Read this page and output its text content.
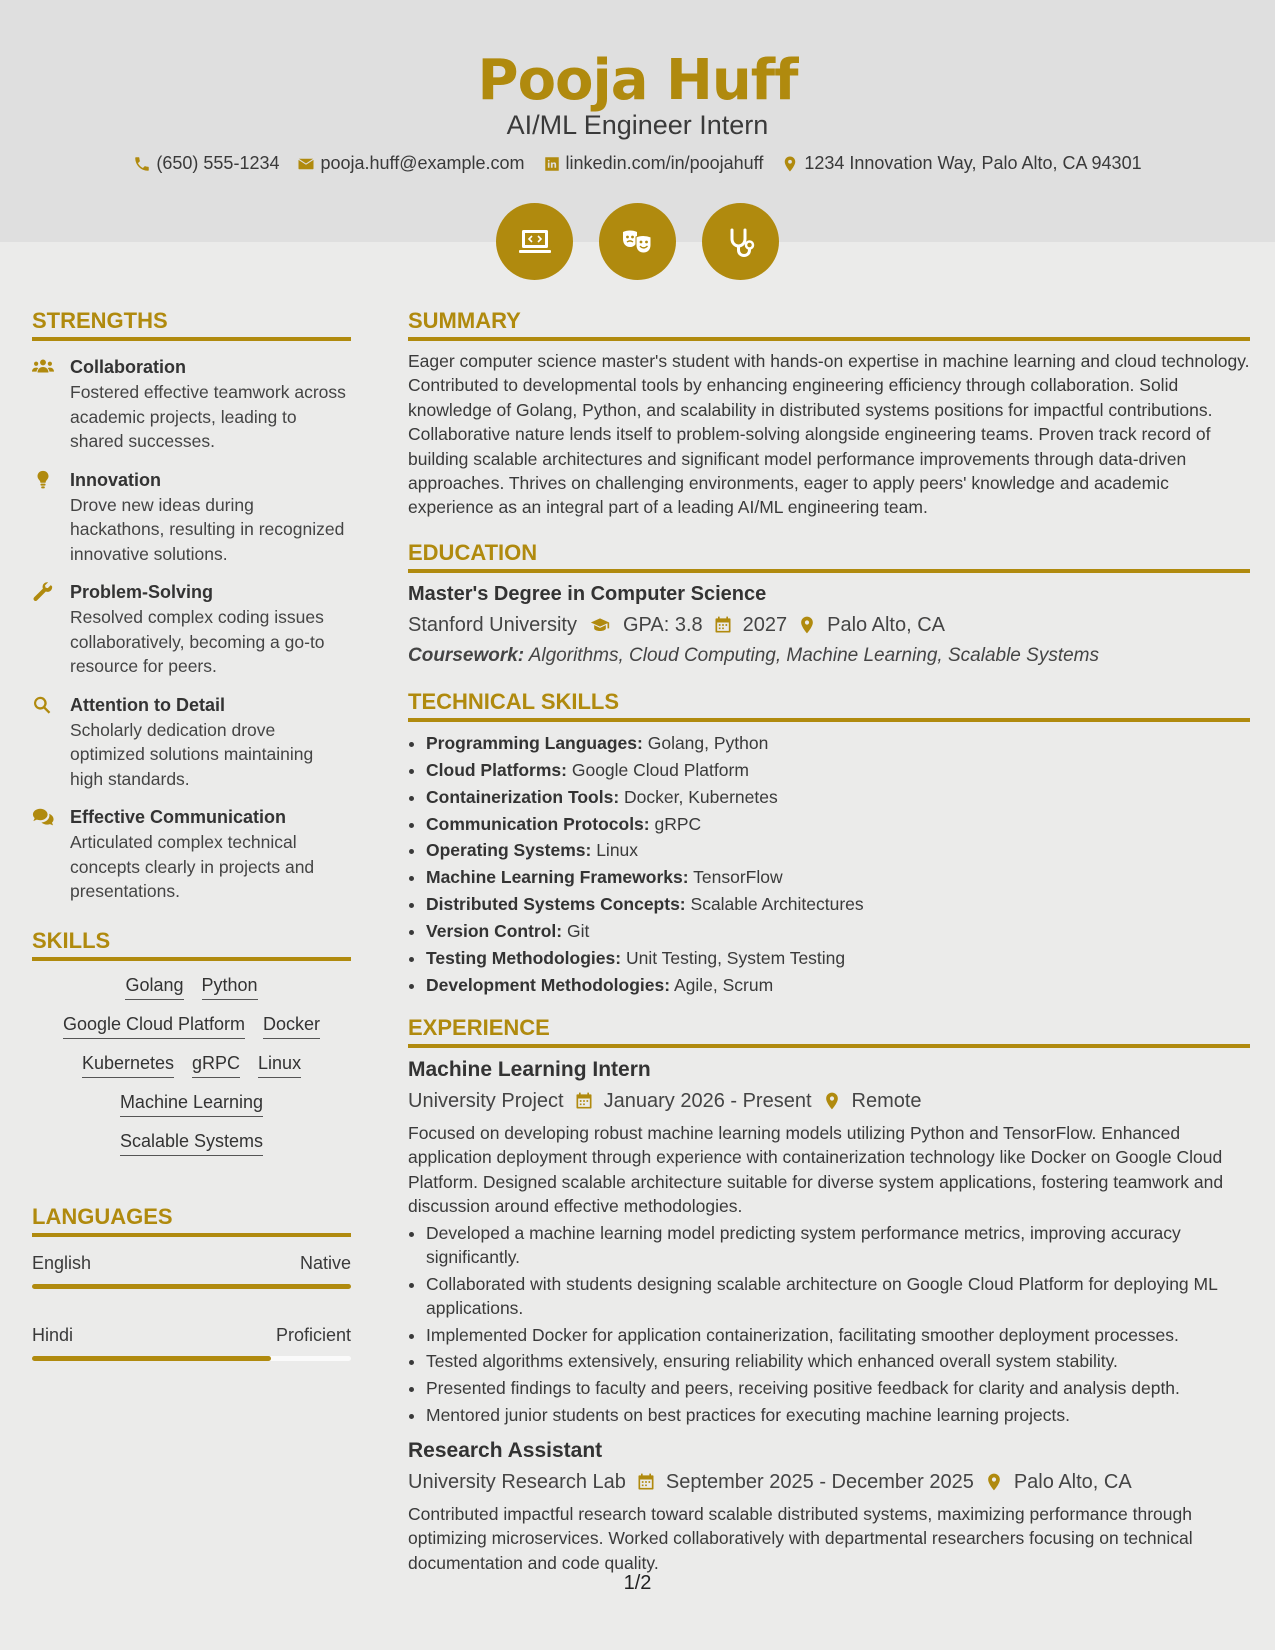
Pooja Huff
AI/ML Engineer Intern
(650) 555-1234 pooja.huff@example.com linkedin.com/in/poojahuff 1234 Innovation Way, Palo Alto, CA 94301
STRENGTHS
Collaboration
Fostered effective teamwork across academic projects, leading to shared successes.
Innovation
Drove new ideas during hackathons, resulting in recognized innovative solutions.
Problem-Solving
Resolved complex coding issues collaboratively, becoming a go-to resource for peers.
Attention to Detail
Scholarly dedication drove optimized solutions maintaining high standards.
Effective Communication
Articulated complex technical concepts clearly in projects and presentations.
SKILLS
Golang Python
Google Cloud Platform Docker
Kubernetes gRPC Linux
Machine Learning
Scalable Systems
LANGUAGES
English	Native
Hindi	Proficient
SUMMARY
Eager computer science master's student with hands-on expertise in machine learning and cloud technology. Contributed to developmental tools by enhancing engineering efficiency through collaboration. Solid knowledge of Golang, Python, and scalability in distributed systems positions for impactful contributions. Collaborative nature lends itself to problem-solving alongside engineering teams. Proven track record of building scalable architectures and significant model performance improvements through data-driven approaches. Thrives on challenging environments, eager to apply peers' knowledge and academic experience as an integral part of a leading AI/ML engineering team.
EDUCATION
Master's Degree in Computer Science
Stanford University GPA: 3.8 2027 Palo Alto, CA
Coursework: Algorithms, Cloud Computing, Machine Learning, Scalable Systems
TECHNICAL SKILLS
• Programming Languages: Golang, Python
• Cloud Platforms: Google Cloud Platform
• Containerization Tools: Docker, Kubernetes
• Communication Protocols: gRPC
• Operating Systems: Linux
• Machine Learning Frameworks: TensorFlow
• Distributed Systems Concepts: Scalable Architectures
• Version Control: Git
• Testing Methodologies: Unit Testing, System Testing
• Development Methodologies: Agile, Scrum
EXPERIENCE
Machine Learning Intern
University Project January 2026 - Present Remote
Focused on developing robust machine learning models utilizing Python and TensorFlow. Enhanced application deployment through experience with containerization technology like Docker on Google Cloud Platform. Designed scalable architecture suitable for diverse system applications, fostering teamwork and discussion around effective methodologies.
• Developed a machine learning model predicting system performance metrics, improving accuracy significantly.
• Collaborated with students designing scalable architecture on Google Cloud Platform for deploying ML applications.
• Implemented Docker for application containerization, facilitating smoother deployment processes.
• Tested algorithms extensively, ensuring reliability which enhanced overall system stability.
• Presented findings to faculty and peers, receiving positive feedback for clarity and analysis depth.
• Mentored junior students on best practices for executing machine learning projects.
Research Assistant
University Research Lab September 2025 - December 2025 Palo Alto, CA
Contributed impactful research toward scalable distributed systems, maximizing performance through optimizing microservices. Worked collaboratively with departmental researchers focusing on technical documentation and code quality.
1/2
